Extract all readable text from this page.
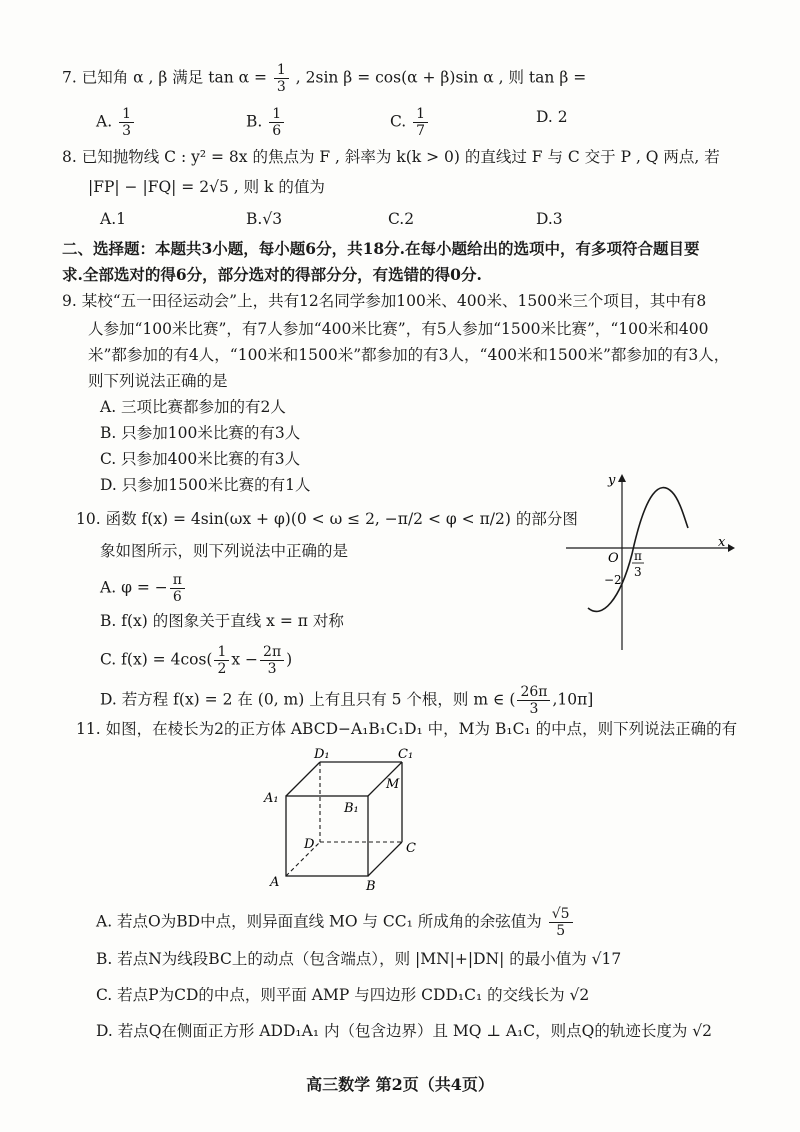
7. 已知角 α , β 满足 $\tan \alpha = \frac{1}{3}$ , 2sin β = cos(α + β)sin α , 则 tan β =
A. $\frac{1}{3}$	B. $\frac{1}{6}$	C. $\frac{1}{7}$	D. 2
8. 已知抛物线 C : y² = 8x 的焦点为 F , 斜率为 k(k > 0) 的直线过 F 与 C 交于 P , Q 两点, 若
|FP| − |FQ| = 2√5 , 则 k 的值为
A.1	B.√3	C.2	D.3
二、选择题：本题共3小题，每小题6分，共18分.在每小题给出的选项中，有多项符合题目要
求.全部选对的得6分，部分选对的得部分分，有选错的得0分.
9. 某校“五一田径运动会”上，共有12名同学参加100米、400米、1500米三个项目，其中有8
人参加“100米比赛”，有7人参加“400米比赛”，有5人参加“1500米比赛”，“100米和400
米”都参加的有4人，“100米和1500米”都参加的有3人，“400米和1500米”都参加的有3人，
则下列说法正确的是
A. 三项比赛都参加的有2人
B. 只参加100米比赛的有3人
C. 只参加400米比赛的有3人
D. 只参加1500米比赛的有1人
10. 函数 f(x) = 4sin(ωx + φ)(0 < ω ≤ 2, −π/2 < φ < π/2) 的部分图
象如图所示，则下列说法中正确的是
A. φ = − $\frac{\pi}{6}$
B. f(x) 的图象关于直线 x = π 对称
C. $f(x) = 4\cos( \frac{1}{2}$ $x - \frac{2\pi}{3}$ )
D. 若方程 f(x) = 2 在 (0, m) 上有且只有 5 个根，则 m ∈ ( $\frac{26\pi}{3} ,10\pi$]
y
x
O
−2
π
3
11. 如图，在棱长为2的正方体 ABCD−A₁B₁C₁D₁ 中，M为 B₁C₁ 的中点，则下列说法正确的有
D₁	C₁
A₁
B₁
M
D	C
A	B
A. 若点O为BD中点，则异面直线 MO 与 CC₁ 所成角的余弦值为 $\frac{√5}{5}$
B. 若点N为线段BC上的动点（包含端点），则 |MN|+|DN| 的最小值为 √17
C. 若点P为CD的中点，则平面 AMP 与四边形 CDD₁C₁ 的交线长为 √2
D. 若点Q在侧面正方形 ADD₁A₁ 内（包含边界）且 MQ ⊥ A₁C，则点Q的轨迹长度为 √2
高三数学 第2页（共4页）
